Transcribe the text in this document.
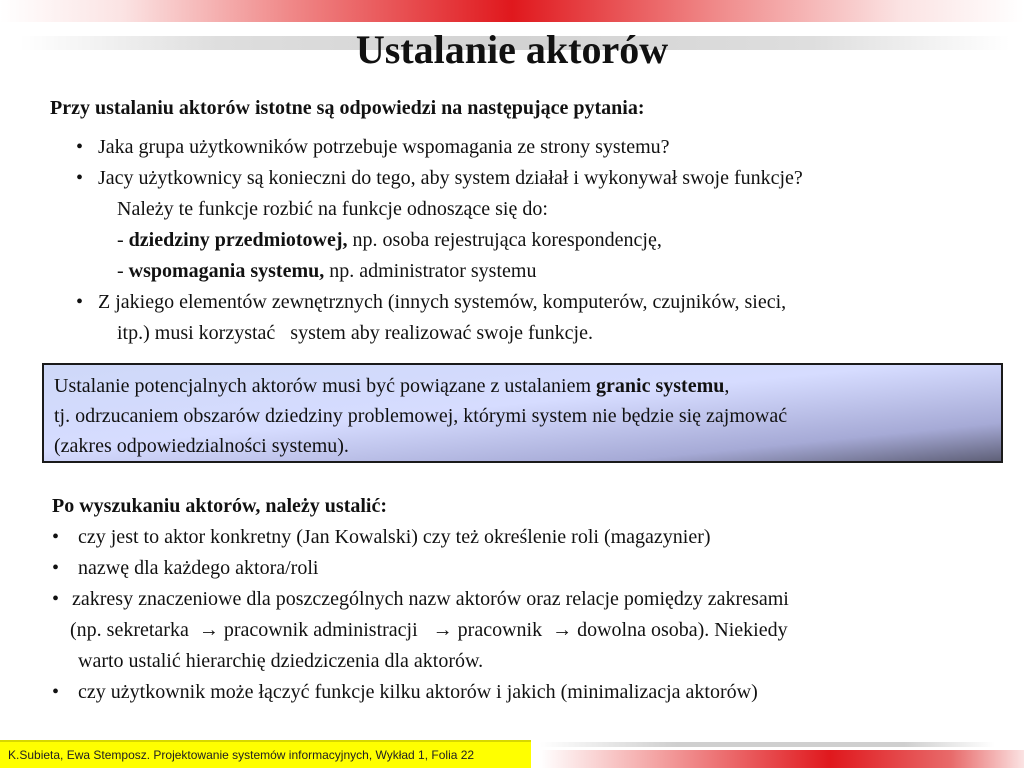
Ustalanie aktorów
Przy ustalaniu aktorów istotne są odpowiedzi na następujące pytania:
• Jaka grupa użytkowników potrzebuje wspomagania ze strony systemu?
• Jacy użytkownicy są konieczni do tego, aby system działał i wykonywał swoje funkcje?
Należy te funkcje rozbić na funkcje odnoszące się do:
- dziedziny przedmiotowej, np. osoba rejestrująca korespondencję,
- wspomagania systemu, np. administrator systemu
• Z jakiego elementów zewnętrznych (innych systemów, komputerów, czujników, sieci,
itp.) musi korzystać   system aby realizować swoje funkcje.
Ustalanie potencjalnych aktorów musi być powiązane z ustalaniem granic systemu,
tj. odrzucaniem obszarów dziedziny problemowej, którymi system nie będzie się zajmować
(zakres odpowiedzialności systemu).
Po wyszukaniu aktorów, należy ustalić:
• czy jest to aktor konkretny (Jan Kowalski) czy też określenie roli (magazynier)
• nazwę dla każdego aktora/roli
• zakresy znaczeniowe dla poszczególnych nazw aktorów oraz relacje pomiędzy zakresami
(np. sekretarka  → pracownik administracji   → pracownik  → dowolna osoba). Niekiedy
warto ustalić hierarchię dziedziczenia dla aktorów.
• czy użytkownik może łączyć funkcje kilku aktorów i jakich (minimalizacja aktorów)
K.Subieta, Ewa Stemposz. Projektowanie systemów informacyjnych, Wykład 1, Folia 22
